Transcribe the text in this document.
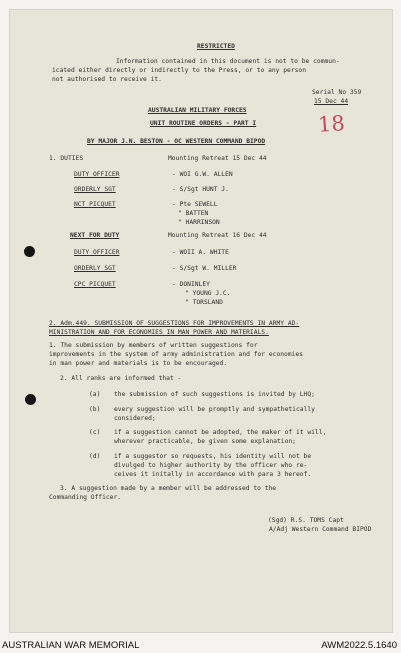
RESTRICTED
Information contained in this document is not to be commun-
icated either directly or indirectly to the Press, or to any person
not authorised to receive it.
Serial No 359
15 Dec 44
18
AUSTRALIAN MILITARY FORCES
UNIT ROUTINE ORDERS - PART I
BY MAJOR J.N. BESTON - OC WESTERN COMMAND BIPOD
1. DUTIES	Mounting Retreat 15 Dec 44
DUTY OFFICER	- WOI G.W. ALLEN
ORDERLY SGT	- S/Sgt HUNT J.
NCT PICQUET	- Pte SEWELL
" BATTEN
" HARRINSON
NEXT FOR DUTY	Mounting Retreat 16 Dec 44
DUTY OFFICER	- WOII A. WHITE
ORDERLY SGT	- S/Sgt W. MILLER
CPC PICQUET	- DONINLEY
" YOUNG J.C.
" TORSLAND
2. Adm.449. SUBMISSION OF SUGGESTIONS FOR IMPROVEMENTS IN ARMY AD-
MINISTRATION AND FOR ECONOMIES IN MAN POWER AND MATERIALS.
1. The submission by members of written suggestions for
improvements in the system of army administration and for economies
in man power and materials is to be encouraged.
2. All ranks are informed that -
(a) the submission of such suggestions is invited by LHQ;
(b) every suggestion will be promptly and sympathetically
considered;
(c) if a suggestion cannot be adopted, the maker of it will,
wherever practicable, be given some explanation;
(d) if a suggestor so requests, his identity will not be
divulged to higher authority by the officer who re-
ceives it initally in accordance with para 3 hereof.
3. A suggestion made by a member will be addressed to the
Commanding Officer.
(Sgd) R.S. TOMS Capt
A/Adj Western Command BIPOD
AUSTRALIAN WAR MEMORIAL	AWM2022.5.1640
